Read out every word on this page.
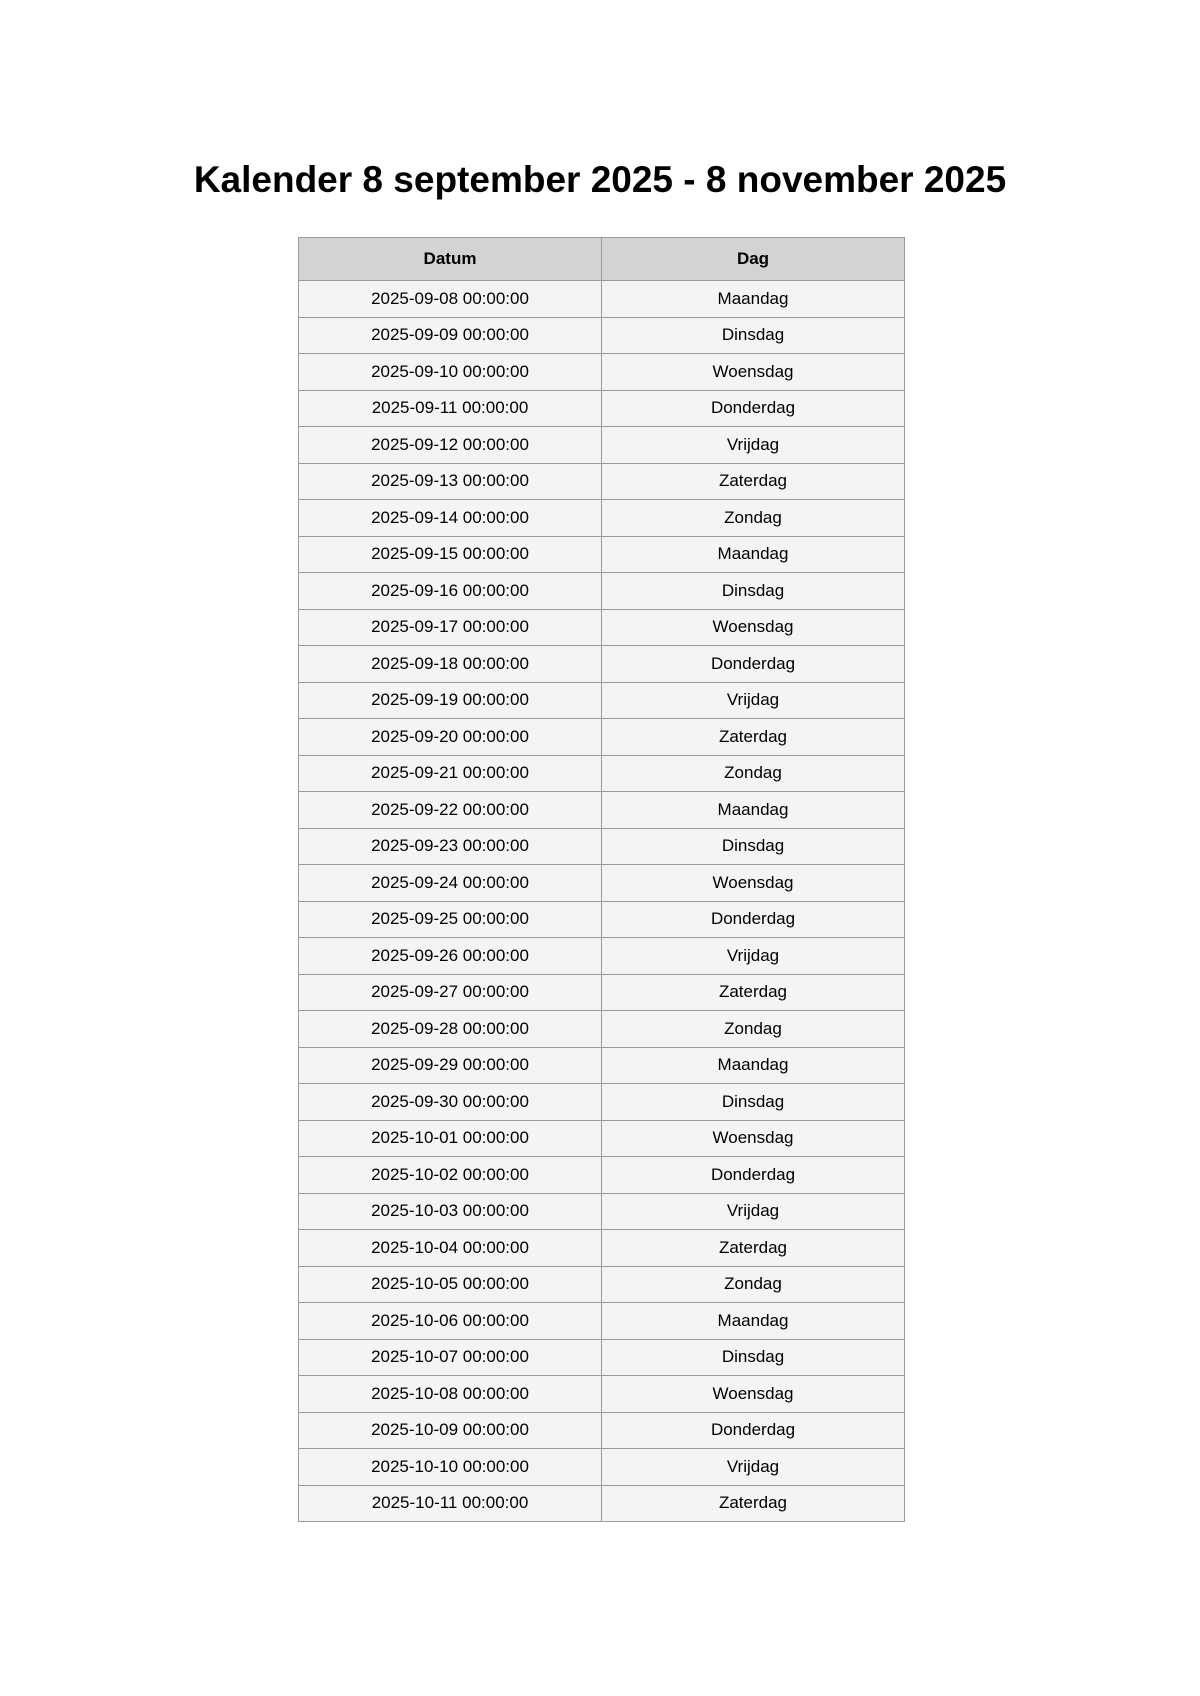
Kalender 8 september 2025 - 8 november 2025
Datum	Dag
2025-09-08 00:00:00	Maandag
2025-09-09 00:00:00	Dinsdag
2025-09-10 00:00:00	Woensdag
2025-09-11 00:00:00	Donderdag
2025-09-12 00:00:00	Vrijdag
2025-09-13 00:00:00	Zaterdag
2025-09-14 00:00:00	Zondag
2025-09-15 00:00:00	Maandag
2025-09-16 00:00:00	Dinsdag
2025-09-17 00:00:00	Woensdag
2025-09-18 00:00:00	Donderdag
2025-09-19 00:00:00	Vrijdag
2025-09-20 00:00:00	Zaterdag
2025-09-21 00:00:00	Zondag
2025-09-22 00:00:00	Maandag
2025-09-23 00:00:00	Dinsdag
2025-09-24 00:00:00	Woensdag
2025-09-25 00:00:00	Donderdag
2025-09-26 00:00:00	Vrijdag
2025-09-27 00:00:00	Zaterdag
2025-09-28 00:00:00	Zondag
2025-09-29 00:00:00	Maandag
2025-09-30 00:00:00	Dinsdag
2025-10-01 00:00:00	Woensdag
2025-10-02 00:00:00	Donderdag
2025-10-03 00:00:00	Vrijdag
2025-10-04 00:00:00	Zaterdag
2025-10-05 00:00:00	Zondag
2025-10-06 00:00:00	Maandag
2025-10-07 00:00:00	Dinsdag
2025-10-08 00:00:00	Woensdag
2025-10-09 00:00:00	Donderdag
2025-10-10 00:00:00	Vrijdag
2025-10-11 00:00:00	Zaterdag
